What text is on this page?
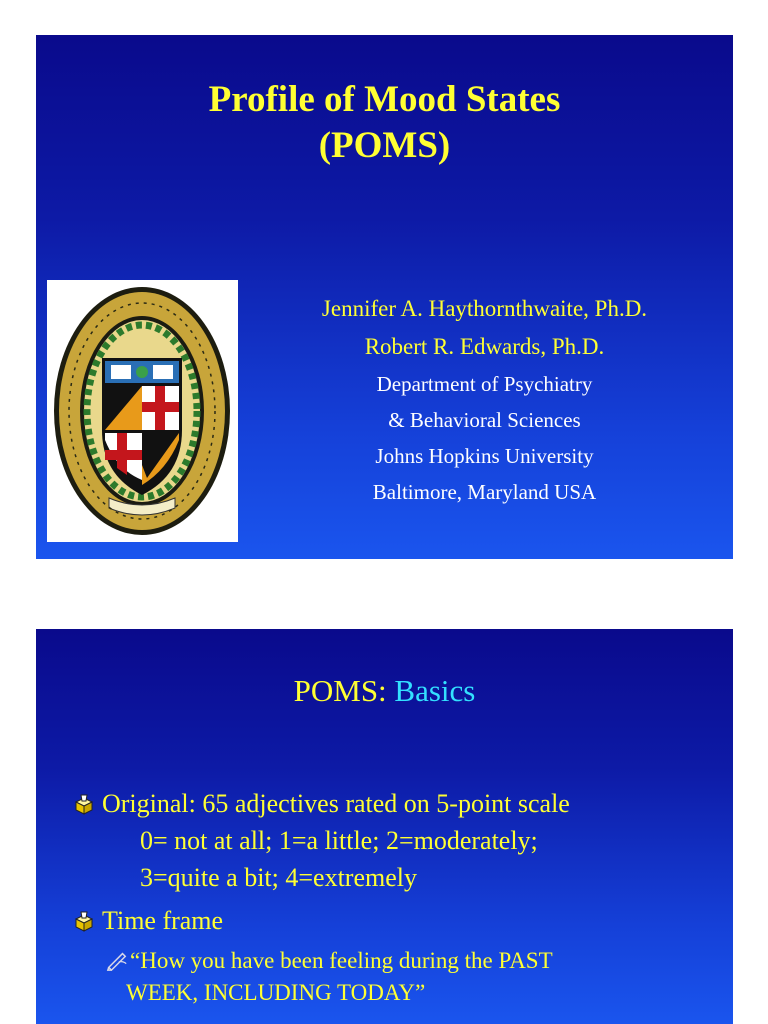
Profile of Mood States
(POMS)
Jennifer A. Haythornthwaite, Ph.D.
Robert R. Edwards, Ph.D.
Department of Psychiatry
& Behavioral Sciences
Johns Hopkins University
Baltimore, Maryland USA
POMS: Basics
Original: 65 adjectives rated on 5-point scale
0= not at all; 1=a little; 2=moderately;
3=quite a bit; 4=extremely
Time frame
“How you have been feeling during the PAST
WEEK, INCLUDING TODAY”
